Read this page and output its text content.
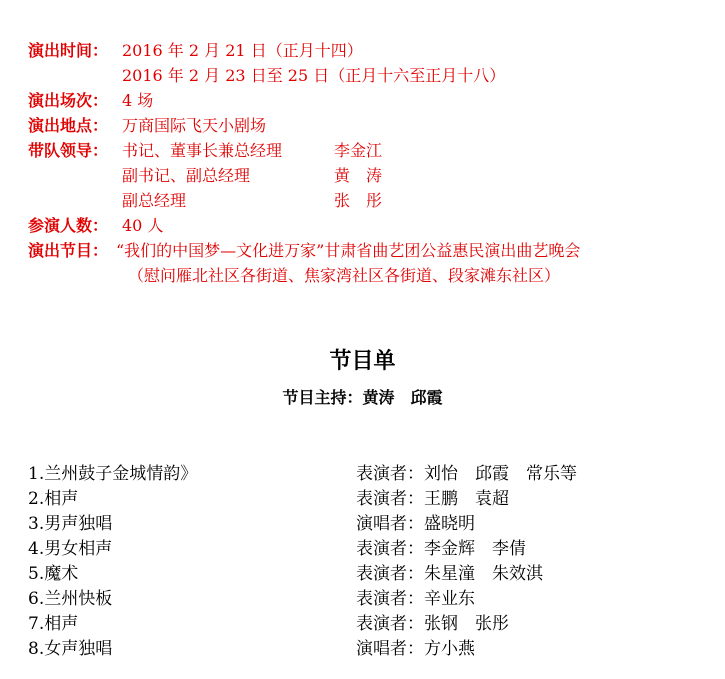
演出时间： 2016 年 2 月 21 日（正月十四）
2016 年 2 月 23 日至 25 日（正月十六至正月十八）
演出场次： 4 场
演出地点： 万商国际飞天小剧场
带队领导： 书记、董事长兼总经理	李金江
副书记、副总经理	黄　涛
副总经理	张　彤
参演人数： 40 人
演出节目： “我们的中国梦—文化进万家”甘肃省曲艺团公益惠民演出曲艺晚会
（慰问雁北社区各街道、焦家湾社区各街道、段家滩东社区）
节目单
节目主持：黄涛　邱霞
1.兰州鼓子金城情韵》	表演者：刘怡　邱霞　常乐等
2.相声	表演者：王鹏　袁超
3.男声独唱	演唱者：盛晓明
4.男女相声	表演者：李金辉　李倩
5.魔术	表演者：朱星潼　朱效淇
6.兰州快板	表演者：辛业东
7.相声	表演者：张钢　张彤
8.女声独唱	演唱者：方小燕
